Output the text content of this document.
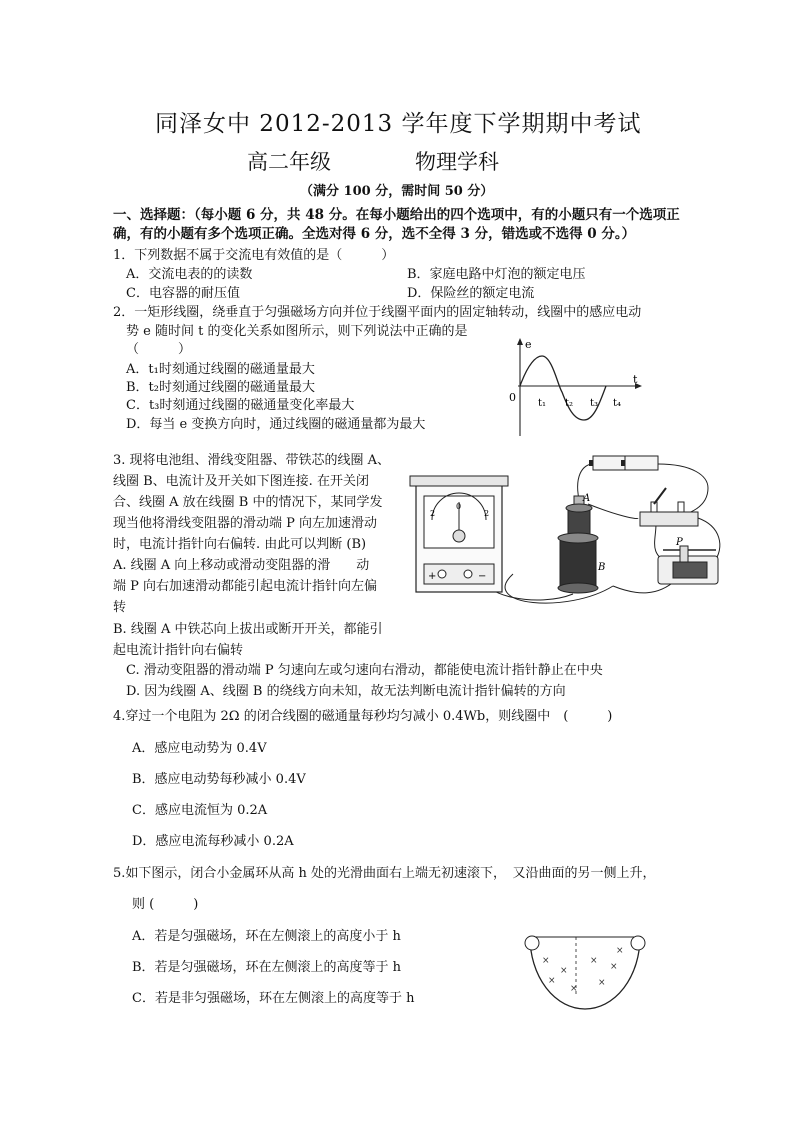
同泽女中 2012-2013 学年度下学期期中考试
高二年级	物理学科
（满分 100 分，需时间 50 分）
一、选择题：（每小题 6 分，共 48 分。在每小题给出的四个选项中，有的小题只有一个选项正
确，有的小题有多个选项正确。全选对得 6 分，选不全得 3 分，错选或不选得 0 分。）
1．下列数据不属于交流电有效值的是（　　　）
A．交流电表的的读数	B．家庭电路中灯泡的额定电压
C．电容器的耐压值	D．保险丝的额定电流
2．一矩形线圈，绕垂直于匀强磁场方向并位于线圈平面内的固定轴转动，线圈中的感应电动
势 e 随时间 t 的变化关系如图所示，则下列说法中正确的是
（　　　）
A．t₁时刻通过线圈的磁通量最大
B．t₂时刻通过线圈的磁通量最大
C．t₃时刻通过线圈的磁通量变化率最大
D．每当 e 变换方向时，通过线圈的磁通量都为最大
e
t
0 t₁ t₂ t₃ t₄
3. 现将电池组、滑线变阻器、带铁芯的线圈 A、
线圈 B、电流计及开关如下图连接. 在开关闭
合、线圈 A 放在线圈 B 中的情况下，某同学发
现当他将滑线变阻器的滑动端 P 向左加速滑动
时，电流计指针向右偏转. 由此可以判断 (B)
A. 线圈 A 向上移动或滑动变阻器的滑　　动
端 P 向右加速滑动都能引起电流计指针向左偏
转
B. 线圈 A 中铁芯向上拔出或断开开关，都能引
起电流计指针向右偏转
C. 滑动变阻器的滑动端 P 匀速向左或匀速向右滑动，都能使电流计指针静止在中央
D. 因为线圈 A、线圈 B 的绕线方向未知，故无法判断电流计指针偏转的方向
P
A
B
2
0
2
+	−
4.穿过一个电阻为 2Ω 的闭合线圈的磁通量每秒均匀减小 0.4Wb，则线圈中　(　　　)
A．感应电动势为 0.4V
B．感应电动势每秒减小 0.4V
C．感应电流恒为 0.2A
D．感应电流每秒减小 0.2A
5.如下图示，闭合小金属环从高 h 处的光滑曲面右上端无初速滚下，　又沿曲面的另一侧上升，
则 (　　　)
A．若是匀强磁场，环在左侧滚上的高度小于 h
B．若是匀强磁场，环在左侧滚上的高度等于 h
C．若是非匀强磁场，环在左侧滚上的高度等于 h
×
×
×
×
×	×
×
×
